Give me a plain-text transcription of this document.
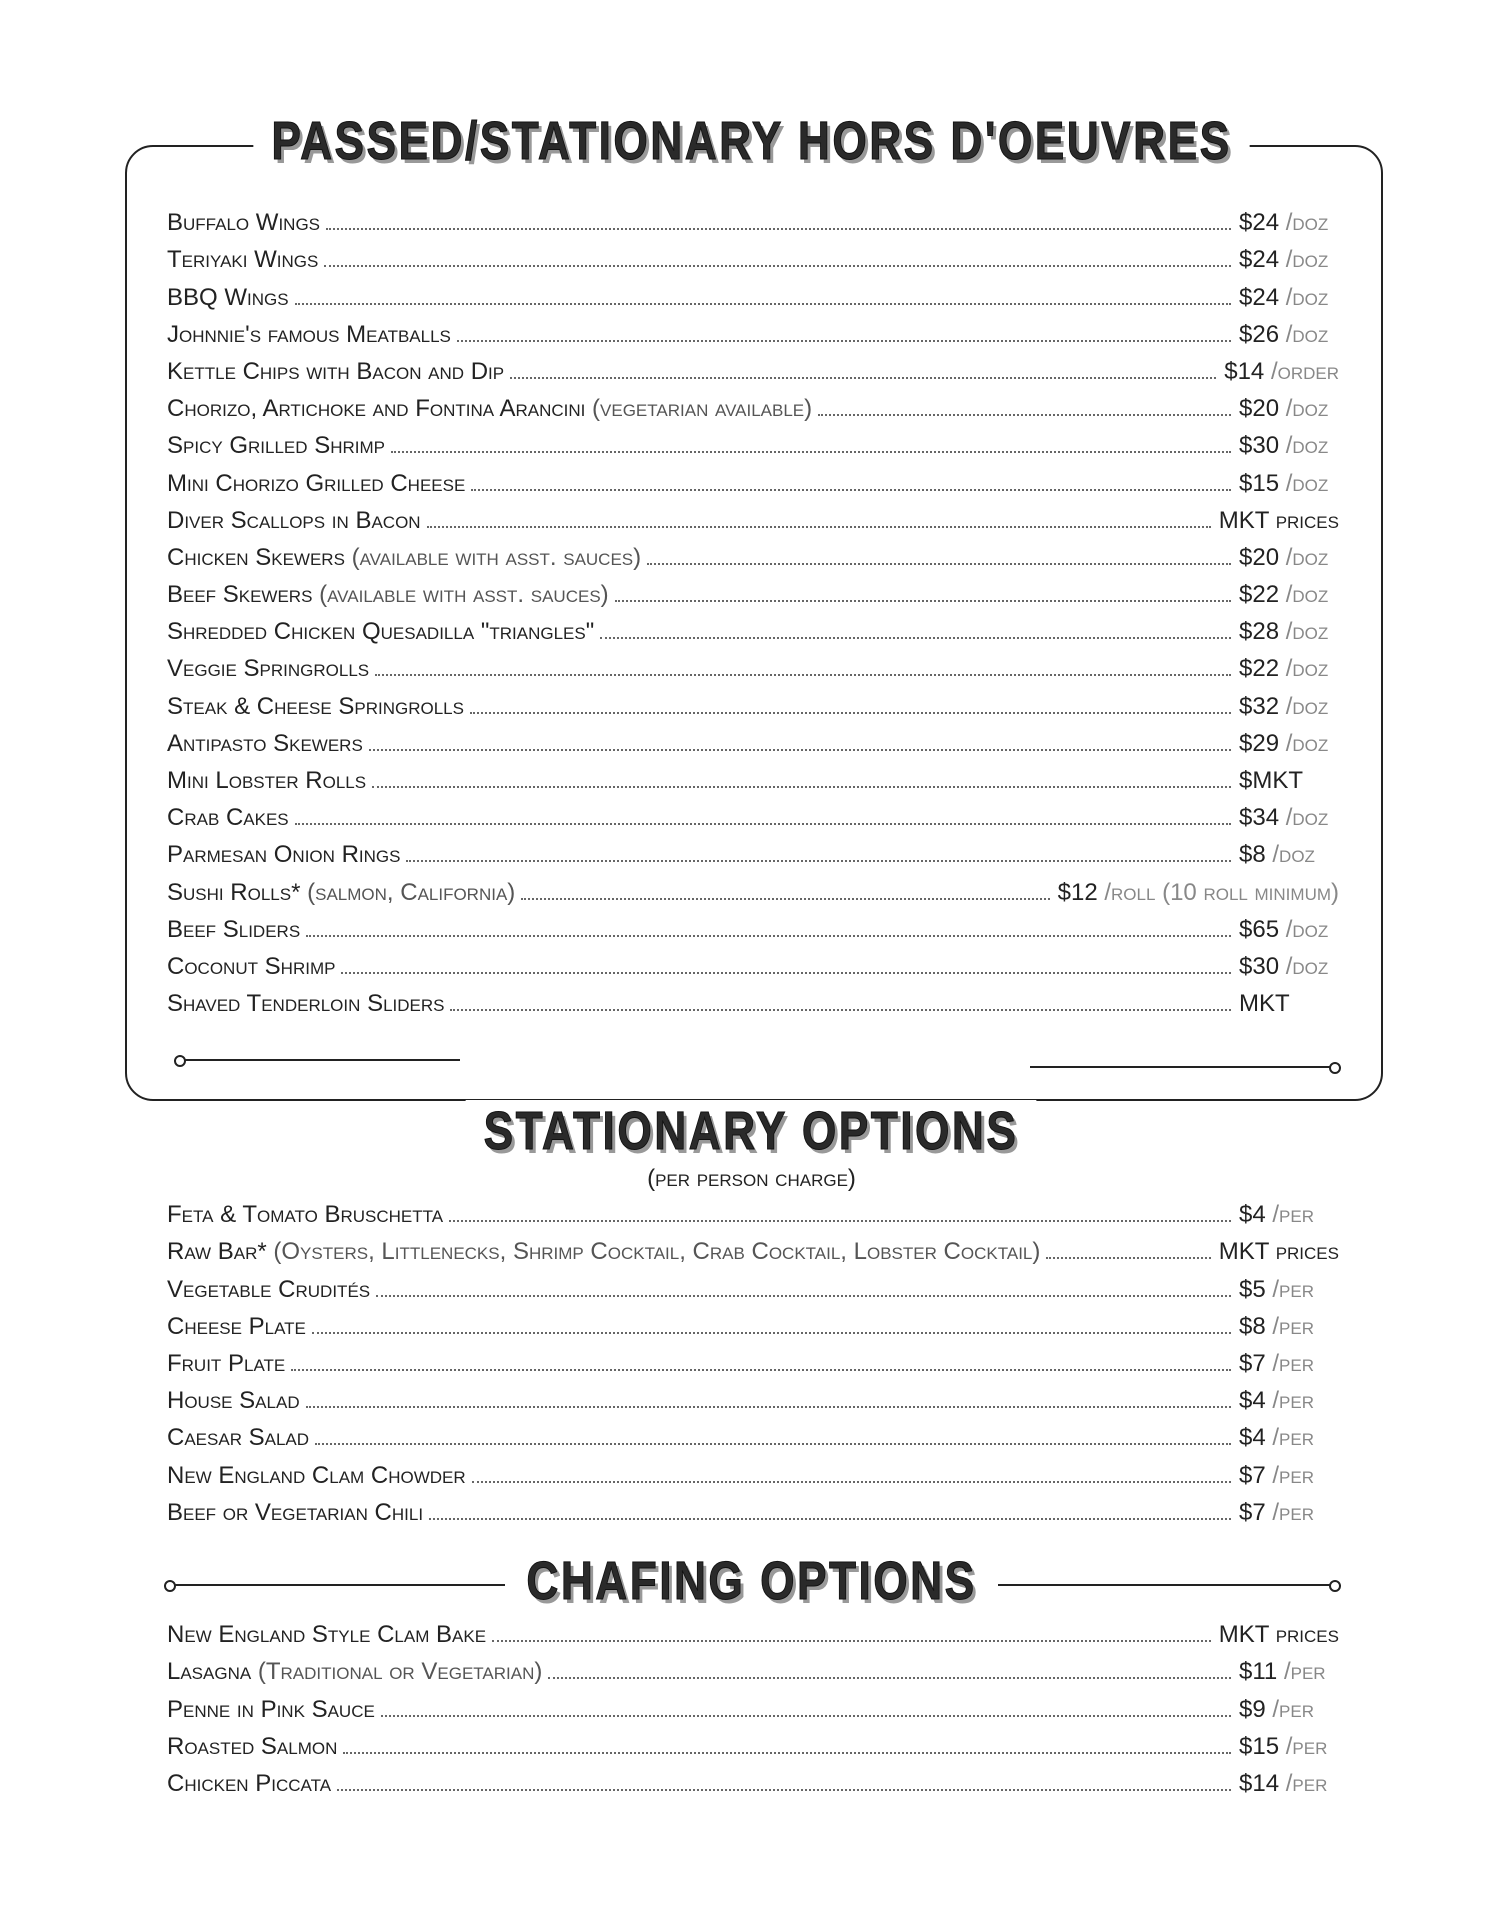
PASSED/STATIONARY HORS D'OEUVRES
Buffalo Wings	$24 /doz
Teriyaki Wings	$24 /doz
BBQ Wings	$24 /doz
Johnnie's famous Meatballs	$26 /doz
Kettle Chips with Bacon and Dip	$14 /order
Chorizo, Artichoke and Fontina Arancini (vegetarian available)	$20 /doz
Spicy Grilled Shrimp	$30 /doz
Mini Chorizo Grilled Cheese	$15 /doz
Diver Scallops in Bacon	MKT prices
Chicken Skewers (available with asst. sauces)	$20 /doz
Beef Skewers (available with asst. sauces)	$22 /doz
Shredded Chicken Quesadilla "triangles"	$28 /doz
Veggie Springrolls	$22 /doz
Steak & Cheese Springrolls	$32 /doz
Antipasto Skewers	$29 /doz
Mini Lobster Rolls	$MKT
Crab Cakes	$34 /doz
Parmesan Onion Rings	$8 /doz
Sushi Rolls* (salmon, California)	$12 /roll (10 roll minimum)
Beef Sliders	$65 /doz
Coconut Shrimp	$30 /doz
Shaved Tenderloin Sliders	MKT
STATIONARY OPTIONS
(per person charge)
Feta & Tomato Bruschetta	$4 /per
Raw Bar* (Oysters, Littlenecks, Shrimp Cocktail, Crab Cocktail, Lobster Cocktail)	MKT prices
Vegetable Crudités	$5 /per
Cheese Plate	$8 /per
Fruit Plate	$7 /per
House Salad	$4 /per
Caesar Salad	$4 /per
New England Clam Chowder	$7 /per
Beef or Vegetarian Chili	$7 /per
CHAFING OPTIONS
New England Style Clam Bake	MKT prices
Lasagna (Traditional or Vegetarian)	$11 /per
Penne in Pink Sauce	$9 /per
Roasted Salmon	$15 /per
Chicken Piccata	$14 /per
